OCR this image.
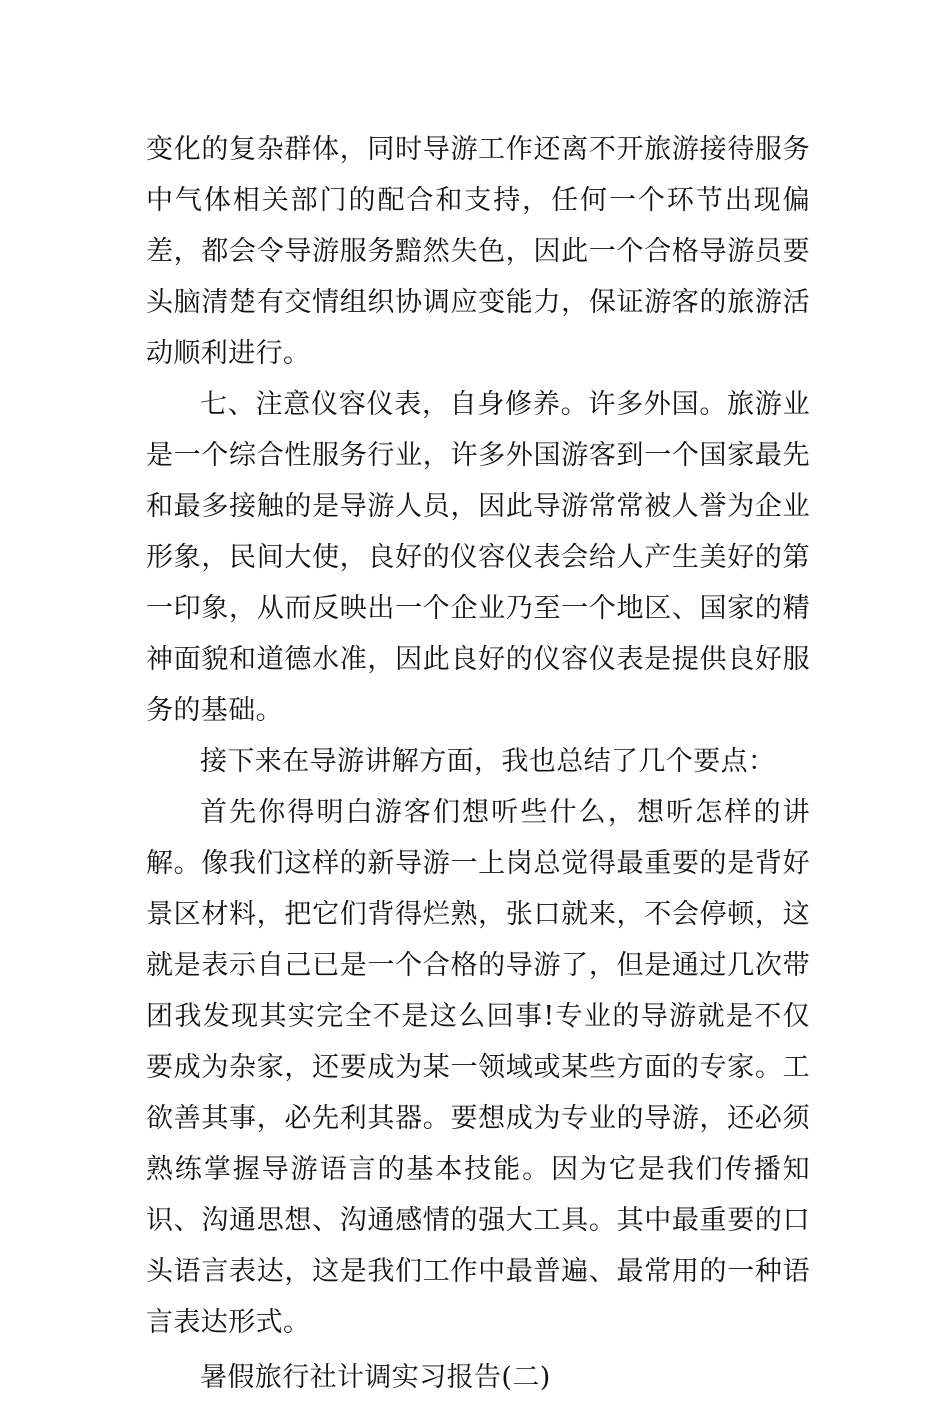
变化的复杂群体，同时导游工作还离不开旅游接待服务中气体相关部门的配合和支持，任何一个环节出现偏差，都会令导游服务黯然失色，因此一个合格导游员要头脑清楚有交情组织协调应变能力，保证游客的旅游活动顺利进行。

七、注意仪容仪表，自身修养。许多外国。旅游业是一个综合性服务行业，许多外国游客到一个国家最先和最多接触的是导游人员，因此导游常常被人誉为企业形象，民间大使，良好的仪容仪表会给人产生美好的第一印象，从而反映出一个企业乃至一个地区、国家的精神面貌和道德水准，因此良好的仪容仪表是提供良好服务的基础。

接下来在导游讲解方面，我也总结了几个要点：

首先你得明白游客们想听些什么，想听怎样的讲解。像我们这样的新导游一上岗总觉得最重要的是背好景区材料，把它们背得烂熟，张口就来，不会停顿，这就是表示自己已是一个合格的导游了，但是通过几次带团我发现其实完全不是这么回事!专业的导游就是不仅要成为杂家，还要成为某一领域或某些方面的专家。工欲善其事，必先利其器。要想成为专业的导游，还必须熟练掌握导游语言的基本技能。因为它是我们传播知识、沟通思想、沟通感情的强大工具。其中最重要的口头语言表达，这是我们工作中最普遍、最常用的一种语言表达形式。

暑假旅行社计调实习报告(二)
